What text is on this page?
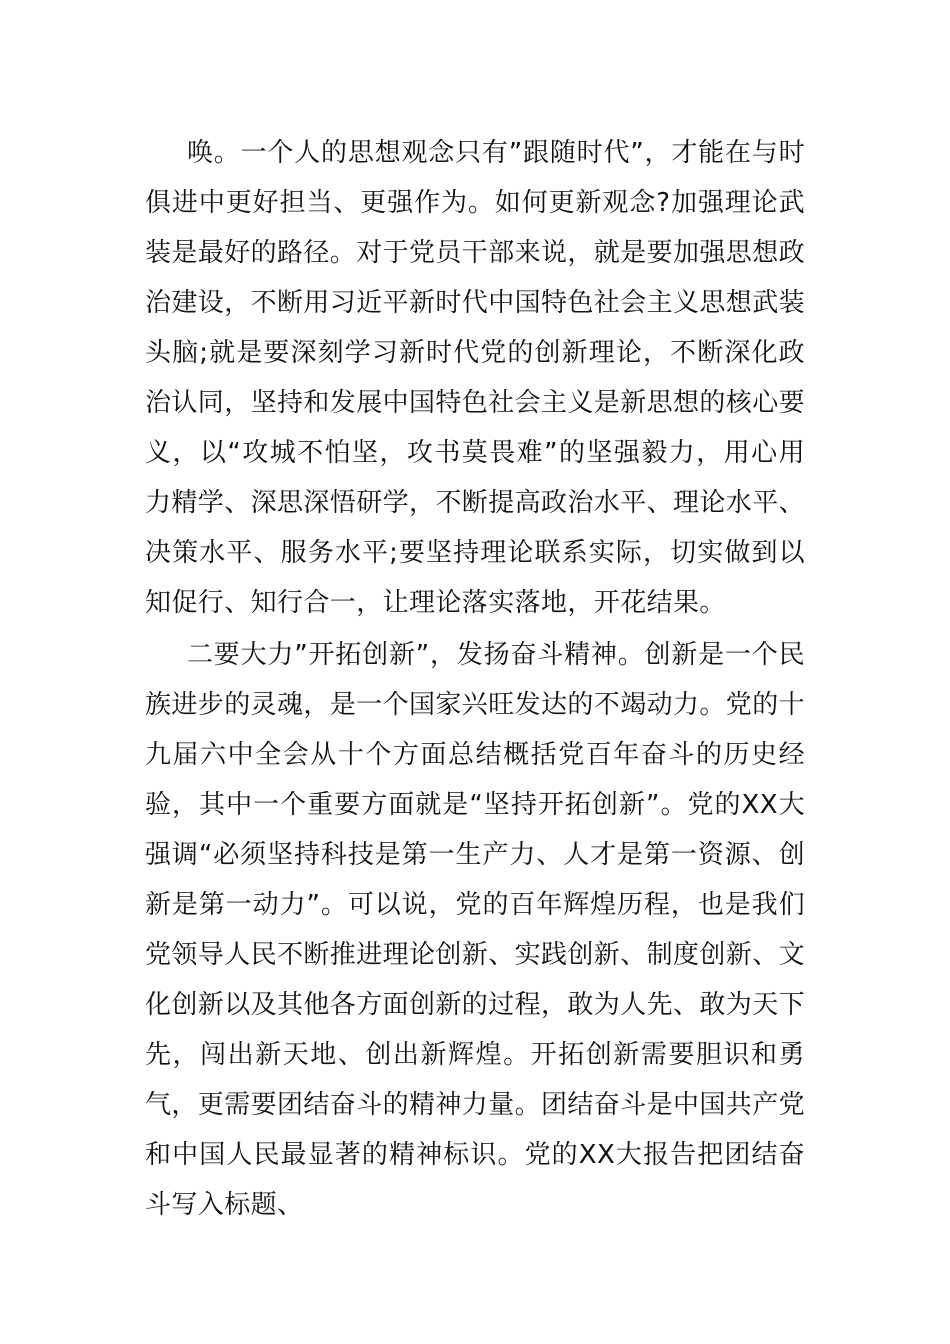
唤。一个人的思想观念只有”跟随时代”，才能在与时俱进中更好担当、更强作为。如何更新观念?加强理论武装是最好的路径。对于党员干部来说，就是要加强思想政治建设，不断用习近平新时代中国特色社会主义思想武装头脑;就是要深刻学习新时代党的创新理论，不断深化政治认同，坚持和发展中国特色社会主义是新思想的核心要义，以“攻城不怕坚，攻书莫畏难”的坚强毅力，用心用力精学、深思深悟研学，不断提高政治水平、理论水平、决策水平、服务水平;要坚持理论联系实际，切实做到以知促行、知行合一，让理论落实落地，开花结果。

二要大力”开拓创新”，发扬奋斗精神。创新是一个民族进步的灵魂，是一个国家兴旺发达的不竭动力。党的十九届六中全会从十个方面总结概括党百年奋斗的历史经验，其中一个重要方面就是“坚持开拓创新”。党的XX大强调“必须坚持科技是第一生产力、人才是第一资源、创新是第一动力”。可以说，党的百年辉煌历程，也是我们党领导人民不断推进理论创新、实践创新、制度创新、文化创新以及其他各方面创新的过程，敢为人先、敢为天下先，闯出新天地、创出新辉煌。开拓创新需要胆识和勇气，更需要团结奋斗的精神力量。团结奋斗是中国共产党和中国人民最显著的精神标识。党的XX大报告把团结奋斗写入标题、
